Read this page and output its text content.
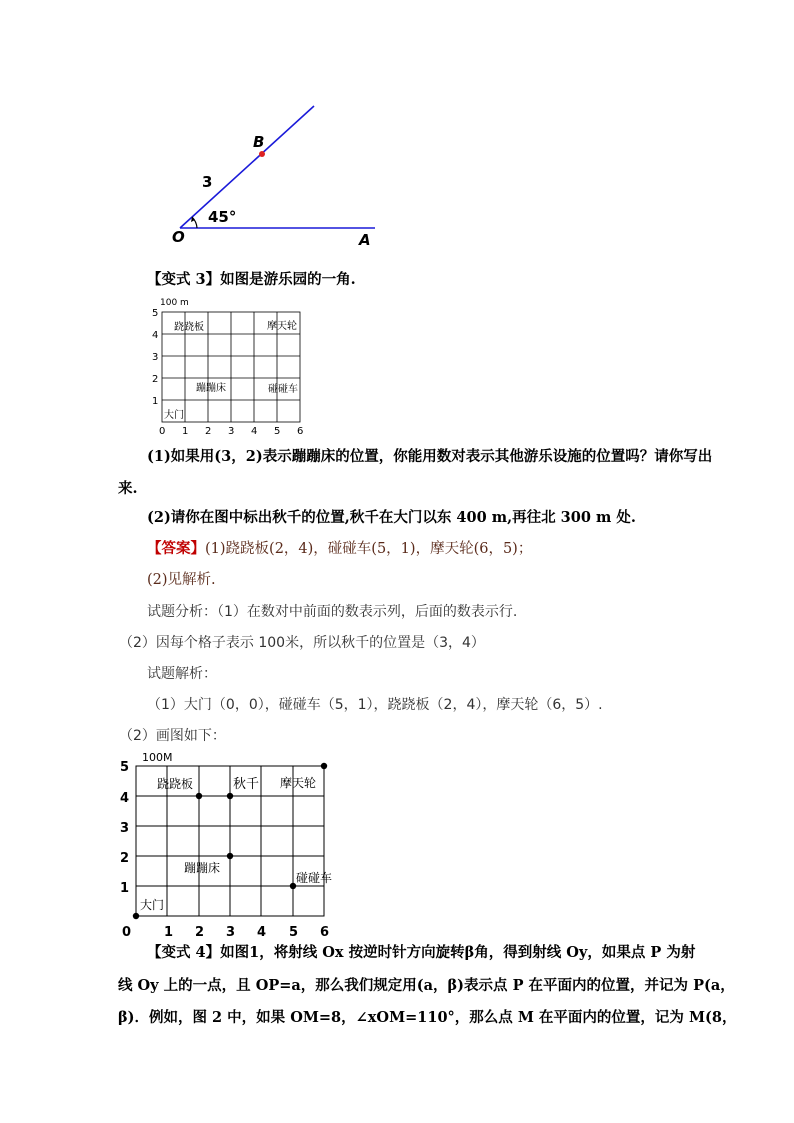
B
O	A
3
45°
【变式 3】如图是游乐园的一角.
100 m
5
4
3
2
1
0 1 2 3 4 5 6
跷跷板	摩天轮
蹦蹦床	碰碰车
大门
(1)如果用(3，2)表示蹦蹦床的位置，你能用数对表示其他游乐设施的位置吗？请你写出
来.
(2)请你在图中标出秋千的位置,秋千在大门以东 400 m,再往北 300 m 处.
【答案】(1)跷跷板(2，4)，碰碰车(5，1)，摩天轮(6，5)；
(2)见解析.
试题分析：（1）在数对中前面的数表示列，后面的数表示行.
（2）因每个格子表示 100米，所以秋千的位置是（3，4）
试题解析：
（1）大门（0，0），碰碰车（5，1），跷跷板（2，4），摩天轮（6，5）.
（2）画图如下：
100M
5
4
3
2
1
0	1 2 3 4 5 6
跷跷板	秋千 摩天轮
蹦蹦床
碰碰车
大门
【变式 4】如图1，将射线 Ox 按逆时针方向旋转β角，得到射线 Oy，如果点 P 为射
线 Oy 上的一点，且 OP=a，那么我们规定用(a，β)表示点 P 在平面内的位置，并记为 P(a，
β)．例如，图 2 中，如果 OM=8，∠xOM=110°，那么点 M 在平面内的位置，记为 M(8，
